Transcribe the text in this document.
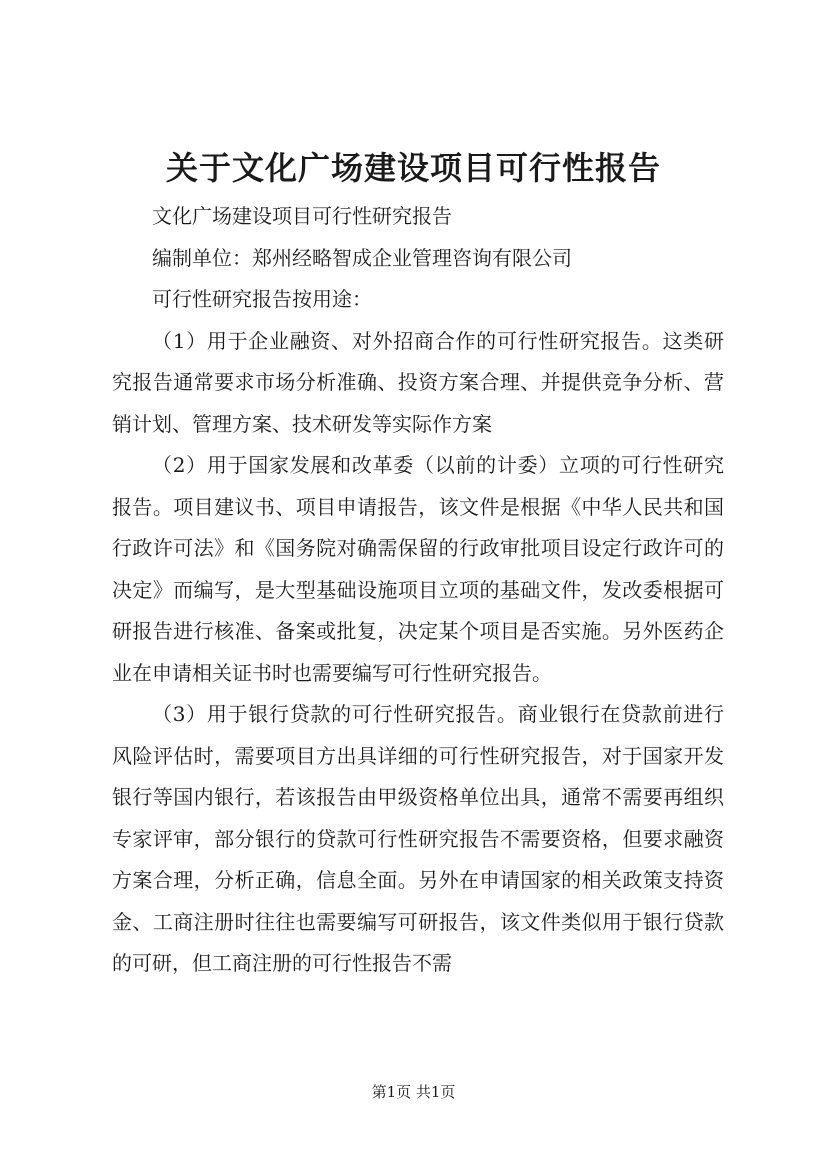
关于文化广场建设项目可行性报告

文化广场建设项目可行性研究报告

编制单位：郑州经略智成企业管理咨询有限公司

可行性研究报告按用途：

（1）用于企业融资、对外招商合作的可行性研究报告。这类研究报告通常要求市场分析准确、投资方案合理、并提供竞争分析、营销计划、管理方案、技术研发等实际作方案

（2）用于国家发展和改革委（以前的计委）立项的可行性研究报告。项目建议书、项目申请报告，该文件是根据《中华人民共和国行政许可法》和《国务院对确需保留的行政审批项目设定行政许可的决定》而编写，是大型基础设施项目立项的基础文件，发改委根据可研报告进行核准、备案或批复，决定某个项目是否实施。另外医药企业在申请相关证书时也需要编写可行性研究报告。

（3）用于银行贷款的可行性研究报告。商业银行在贷款前进行风险评估时，需要项目方出具详细的可行性研究报告，对于国家开发银行等国内银行，若该报告由甲级资格单位出具，通常不需要再组织专家评审，部分银行的贷款可行性研究报告不需要资格，但要求融资方案合理，分析正确，信息全面。另外在申请国家的相关政策支持资金、工商注册时往往也需要编写可研报告，该文件类似用于银行贷款的可研，但工商注册的可行性报告不需

第1页 共1页
